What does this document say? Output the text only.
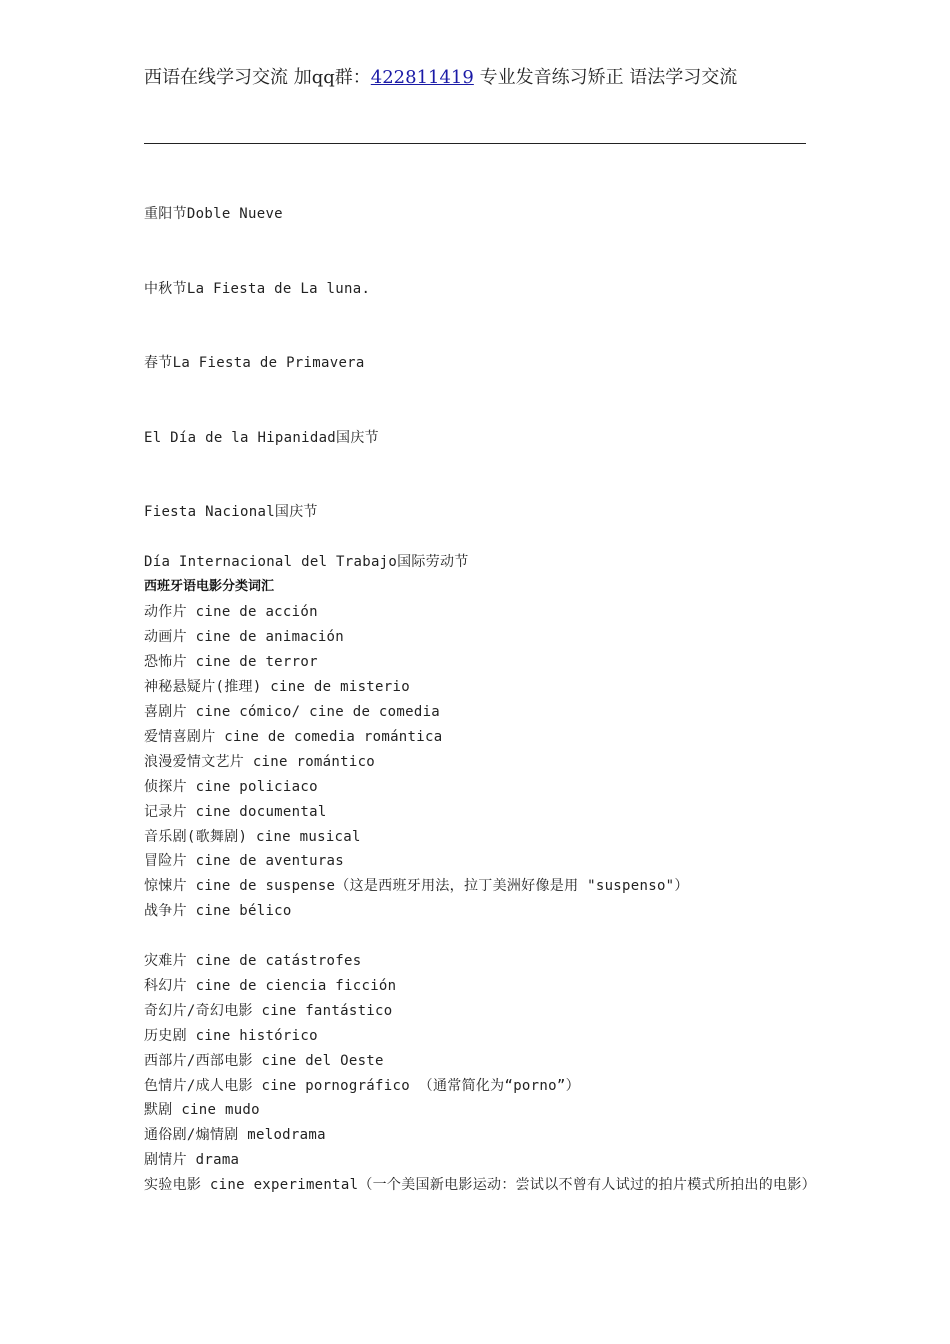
西语在线学习交流 加qq群：422811419 专业发音练习矫正 语法学习交流
重阳节Doble Nueve
中秋节La Fiesta de La luna.
春节La Fiesta de Primavera
El Día de la Hipanidad国庆节
Fiesta Nacional国庆节
Día Internacional del Trabajo国际劳动节
西班牙语电影分类词汇
动作片 cine de acción
动画片 cine de animación
恐怖片 cine de terror
神秘悬疑片(推理) cine de misterio
喜剧片 cine cómico/ cine de comedia
爱情喜剧片 cine de comedia romántica
浪漫爱情文艺片 cine romántico
侦探片 cine policiaco
记录片 cine documental
音乐剧(歌舞剧) cine musical
冒险片 cine de aventuras
惊悚片 cine de suspense（这是西班牙用法，拉丁美洲好像是用 "suspenso"）
战争片 cine bélico
灾难片 cine de catástrofes
科幻片 cine de ciencia ficción
奇幻片/奇幻电影 cine fantástico
历史剧 cine histórico
西部片/西部电影 cine del Oeste
色情片/成人电影 cine pornográfico （通常简化为“porno”）
默剧 cine mudo
通俗剧/煽情剧 melodrama
剧情片 drama
实验电影 cine experimental（一个美国新电影运动：尝试以不曾有人试过的拍片模式所拍出的电影）
